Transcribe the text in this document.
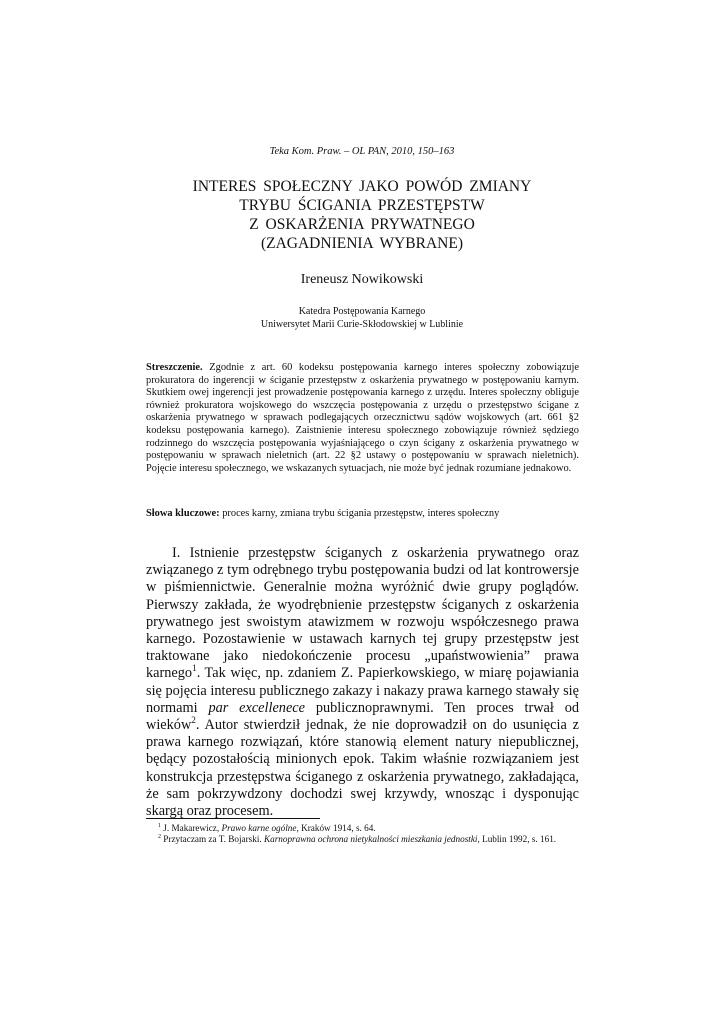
Teka Kom. Praw. – OL PAN, 2010, 150–163
INTERES SPOŁECZNY JAKO POWÓD ZMIANY
TRYBU ŚCIGANIA PRZESTĘPSTW
Z OSKARŻENIA PRYWATNEGO
(ZAGADNIENIA WYBRANE)
Ireneusz Nowikowski
Katedra Postępowania Karnego
Uniwersytet Marii Curie-Skłodowskiej w Lublinie
Streszczenie. Zgodnie z art. 60 kodeksu postępowania karnego interes społeczny zobowiązuje prokuratora do ingerencji w ściganie przestępstw z oskarżenia prywatnego w postępowaniu karnym. Skutkiem owej ingerencji jest prowadzenie postępowania karnego z urzędu. Interes społeczny obliguje również prokuratora wojskowego do wszczęcia postępowania z urzędu o przestępstwo ścigane z oskarżenia prywatnego w sprawach podlegających orzecznictwu sądów wojskowych (art. 661 §2 kodeksu postępowania karnego). Zaistnienie interesu społecznego zobowiązuje również sędziego rodzinnego do wszczęcia postępowania wyjaśniającego o czyn ścigany z oskarżenia prywatnego w postępowaniu w sprawach nieletnich (art. 22 §2 ustawy o postępowaniu w sprawach nieletnich). Pojęcie interesu społecznego, we wskazanych sytuacjach, nie może być jednak rozumiane jednakowo.
Słowa kluczowe: proces karny, zmiana trybu ścigania przestępstw, interes społeczny

I. Istnienie przestępstw ściganych z oskarżenia prywatnego oraz związanego z tym odrębnego trybu postępowania budzi od lat kontrowersje w piśmiennictwie. Generalnie można wyróżnić dwie grupy poglądów. Pierwszy zakłada, że wyodrębnienie przestępstw ściganych z oskarżenia prywatnego jest swoistym atawizmem w rozwoju współczesnego prawa karnego. Pozostawienie w ustawach karnych tej grupy przestępstw jest traktowane jako niedokończenie procesu „upaństwowienia” prawa karnego$^1$. Tak więc, np. zdaniem Z. Papierkowskiego, w miarę pojawiania się pojęcia interesu publicznego zakazy i nakazy prawa karnego stawały się normami par excellenece publicznoprawnymi. Ten proces trwał od wieków$^2$. Autor stwierdził jednak, że nie doprowadził on do usunięcia z prawa karnego rozwiązań, które stanowią element natury niepublicznej, będący pozostałością minionych epok. Takim właśnie rozwiązaniem jest konstrukcja przestępstwa ściganego z oskarżenia prywatnego, zakładająca, że sam pokrzywdzony dochodzi swej krzywdy, wnosząc i dysponując skargą oraz procesem.

$^1$ J. Makarewicz, Prawo karne ogólne, Kraków 1914, s. 64.
$^2$ Przytaczam za T. Bojarski. Karnoprawna ochrona nietykalności mieszkania jednostki, Lublin 1992, s. 161.
